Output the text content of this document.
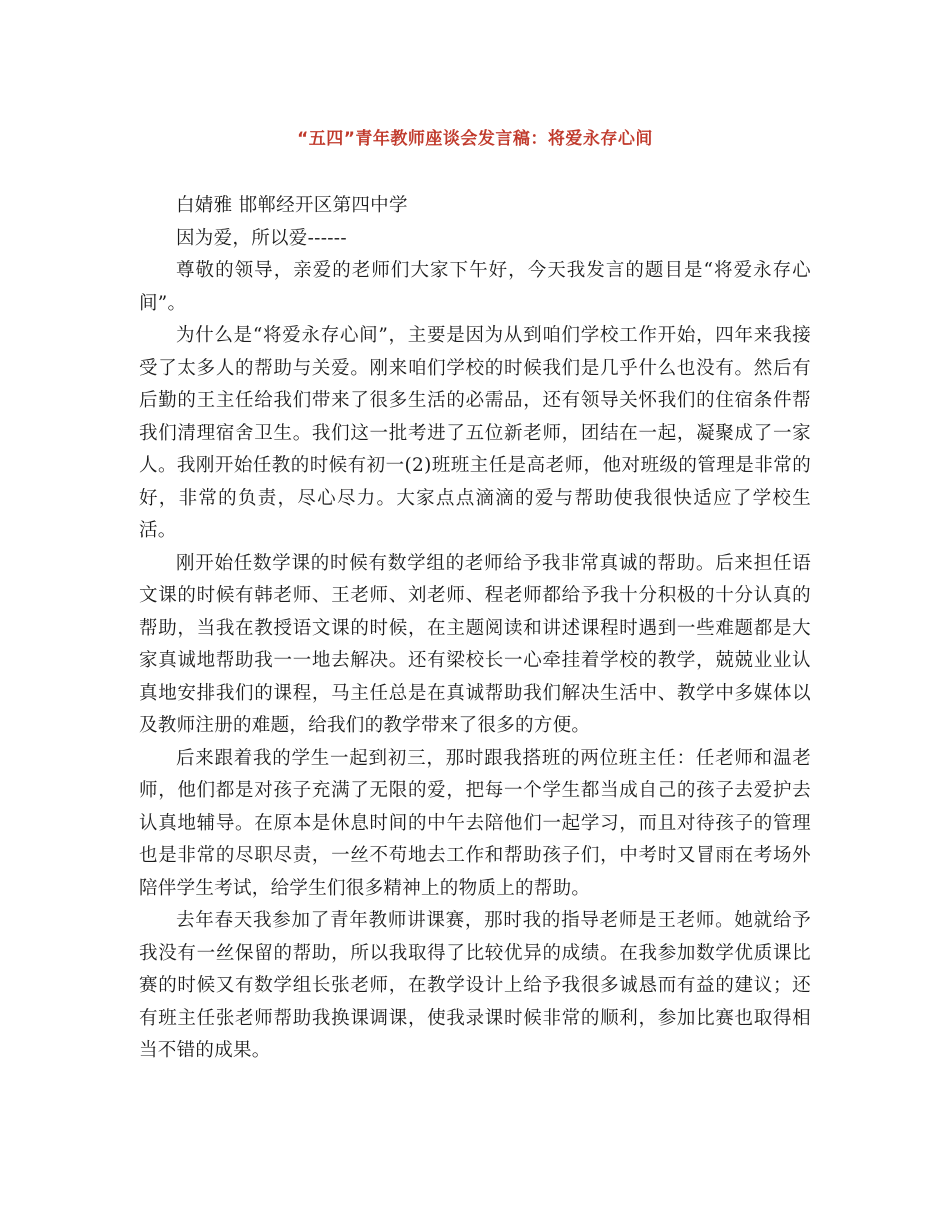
“五四”青年教师座谈会发言稿：将爱永存心间

白婧雅 邯郸经开区第四中学

因为爱，所以爱------

尊敬的领导，亲爱的老师们大家下午好，今天我发言的题目是“将爱永存心间”。

为什么是“将爱永存心间”，主要是因为从到咱们学校工作开始，四年来我接受了太多人的帮助与关爱。刚来咱们学校的时候我们是几乎什么也没有。然后有后勤的王主任给我们带来了很多生活的必需品，还有领导关怀我们的住宿条件帮我们清理宿舍卫生。我们这一批考进了五位新老师，团结在一起，凝聚成了一家人。我刚开始任教的时候有初一(2)班班主任是高老师，他对班级的管理是非常的好，非常的负责，尽心尽力。大家点点滴滴的爱与帮助使我很快适应了学校生活。

刚开始任数学课的时候有数学组的老师给予我非常真诚的帮助。后来担任语文课的时候有韩老师、王老师、刘老师、程老师都给予我十分积极的十分认真的帮助，当我在教授语文课的时候，在主题阅读和讲述课程时遇到一些难题都是大家真诚地帮助我一一地去解决。还有梁校长一心牵挂着学校的教学，兢兢业业认真地安排我们的课程，马主任总是在真诚帮助我们解决生活中、教学中多媒体以及教师注册的难题，给我们的教学带来了很多的方便。

后来跟着我的学生一起到初三，那时跟我搭班的两位班主任：任老师和温老师，他们都是对孩子充满了无限的爱，把每一个学生都当成自己的孩子去爱护去认真地辅导。在原本是休息时间的中午去陪他们一起学习，而且对待孩子的管理也是非常的尽职尽责，一丝不苟地去工作和帮助孩子们，中考时又冒雨在考场外陪伴学生考试，给学生们很多精神上的物质上的帮助。

去年春天我参加了青年教师讲课赛，那时我的指导老师是王老师。她就给予我没有一丝保留的帮助，所以我取得了比较优异的成绩。在我参加数学优质课比赛的时候又有数学组长张老师，在教学设计上给予我很多诚恳而有益的建议；还有班主任张老师帮助我换课调课，使我录课时候非常的顺利，参加比赛也取得相当不错的成果。
